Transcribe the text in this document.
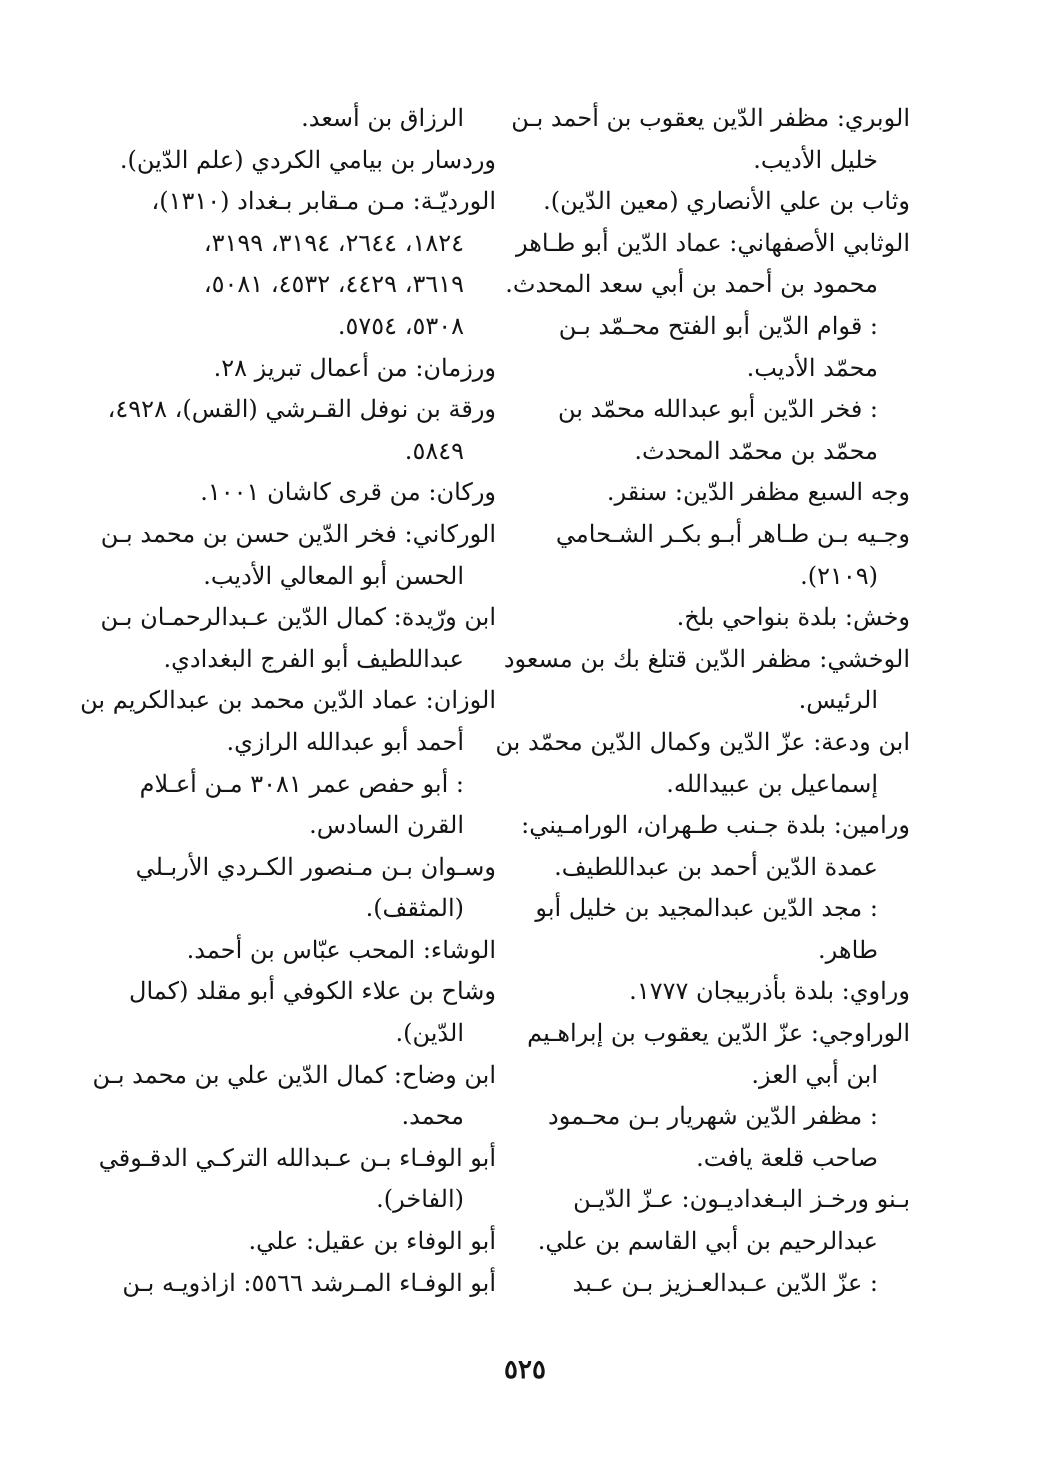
الوبري: مظفر الدّين يعقوب بن أحمد بـن
خليل الأديب.
وثاب بن علي الأنصاري (معين الدّين).
الوثابي الأصفهاني: عماد الدّين أبو طـاهر
محمود بن أحمد بن أبي سعد المحدث.
: قوام الدّين أبو الفتح محـمّد بـن
محمّد الأديب.
: فخر الدّين أبو عبدالله محمّد بن
محمّد بن محمّد المحدث.
وجه السبع مظفر الدّين: سنقر.
وجـيه بـن طـاهر أبـو بكـر الشـحامي
(٢١٠٩).
وخش: بلدة بنواحي بلخ.
الوخشي: مظفر الدّين قتلغ بك بن مسعود
الرئيس.
ابن ودعة: عزّ الدّين وكمال الدّين محمّد بن
إسماعيل بن عبيدالله.
ورامين: بلدة جـنب طـهران، الورامـيني:
عمدة الدّين أحمد بن عبداللطيف.
: مجد الدّين عبدالمجيد بن خليل أبو
طاهر.
وراوي: بلدة بأذربيجان ١٧٧٧.
الوراوجي: عزّ الدّين يعقوب بن إبراهـيم
ابن أبي العز.
: مظفر الدّين شهريار بـن محـمود
صاحب قلعة يافت.
بـنو ورخـز البـغداديـون: عـزّ الدّيـن
عبدالرحيم بن أبي القاسم بن علي.
: عزّ الدّين عـبدالعـزيز بـن عـبد
الرزاق بن أسعد.
وردسار بن بيامي الكردي (علم الدّين).
الورديّـة: مـن مـقابر بـغداد (١٣١٠)،
١٨٢٤، ٢٦٤٤، ٣١٩٤، ٣١٩٩،
٣٦١٩، ٤٤٢٩، ٤٥٣٢، ٥٠٨١،
٥٣٠٨، ٥٧٥٤.
ورزمان: من أعمال تبريز ٢٨.
ورقة بن نوفل القـرشي (القس)، ٤٩٢٨،
٥٨٤٩.
وركان: من قرى كاشان ١٠٠١.
الوركاني: فخر الدّين حسن بن محمد بـن
الحسن أبو المعالي الأديب.
ابن ورّيدة: كمال الدّين عـبدالرحمـان بـن
عبداللطيف أبو الفرج البغدادي.
الوزان: عماد الدّين محمد بن عبدالكريم بن
أحمد أبو عبدالله الرازي.
: أبو حفص عمر ٣٠٨١ مـن أعـلام
القرن السادس.
وسـوان بـن مـنصور الكـردي الأربـلي
(المثقف).
الوشاء: المحب عبّاس بن أحمد.
وشاح بن علاء الكوفي أبو مقلد (كمال
الدّين).
ابن وضاح: كمال الدّين علي بن محمد بـن
محمد.
أبو الوفـاء بـن عـبدالله التركـي الدقـوقي
(الفاخر).
أبو الوفاء بن عقيل: علي.
أبو الوفـاء المـرشد ٥٥٦٦: ازاذويـه بـن
٥٢٥
